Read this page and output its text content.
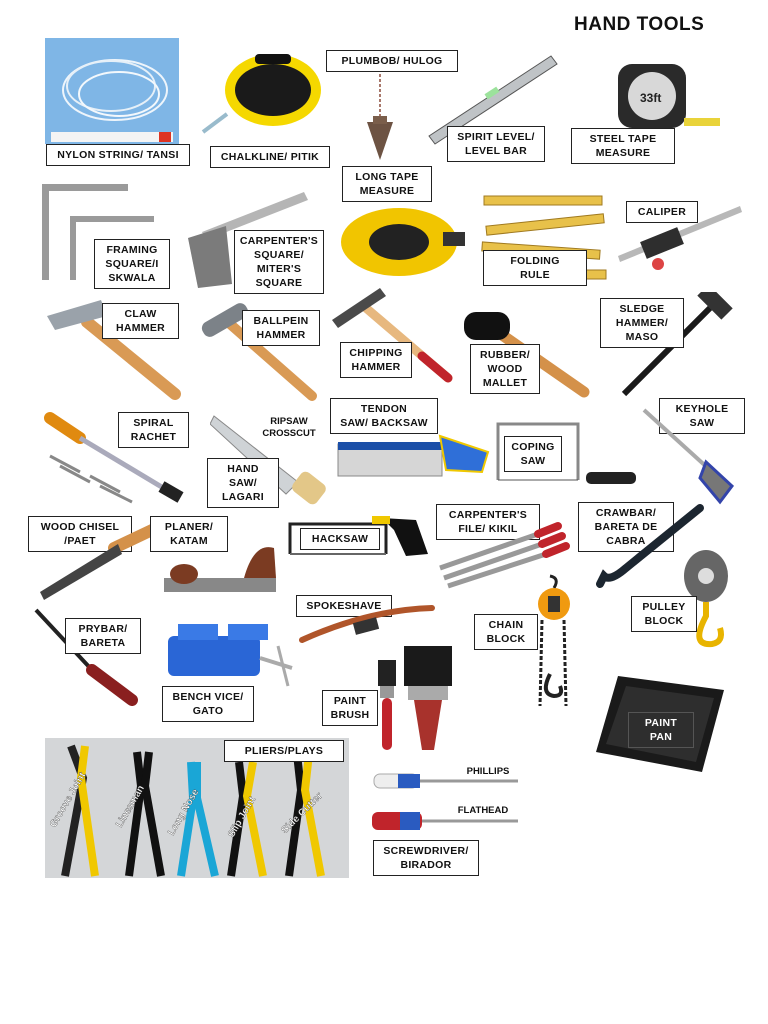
HAND TOOLS
NYLON STRING/ TANSI	CHALKLINE/ PITIK
PLUMBOB/ HULOG
SPIRIT LEVEL/
LEVEL BAR
33ft
STEEL TAPE
MEASURE
FRAMING
SQUARE/I
SKWALA
CARPENTER'S
SQUARE/
MITER'S
SQUARE
LONG TAPE
MEASURE
FOLDING
RULE
CALIPER
CLAW
HAMMER
BALLPEIN
HAMMER
CHIPPING
HAMMER
RUBBER/
WOOD
MALLET
SLEDGE
HAMMER/
MASO
SPIRAL
RACHET
RIPSAW
CROSSCUT
HAND
SAW/
LAGARI
TENDON
SAW/ BACKSAW
COPING
SAW
KEYHOLE
SAW
WOOD CHISEL
/PAET
PLANER/
KATAM	HACKSAW
CARPENTER'S
FILE/ KIKIL
CRAWBAR/
BARETA DE
CABRA
PRYBAR/
BARETA
BENCH VICE/
GATO
SPOKESHAVE
PAINT
BRUSH
CHAIN
BLOCK
PULLEY
BLOCK
PAINT
PAN
Groove Joint	Linesman Long Nose Slip Joint Side Cutter
PLIERS/PLAYS
PHILLIPS
FLATHEAD
SCREWDRIVER/
BIRADOR
